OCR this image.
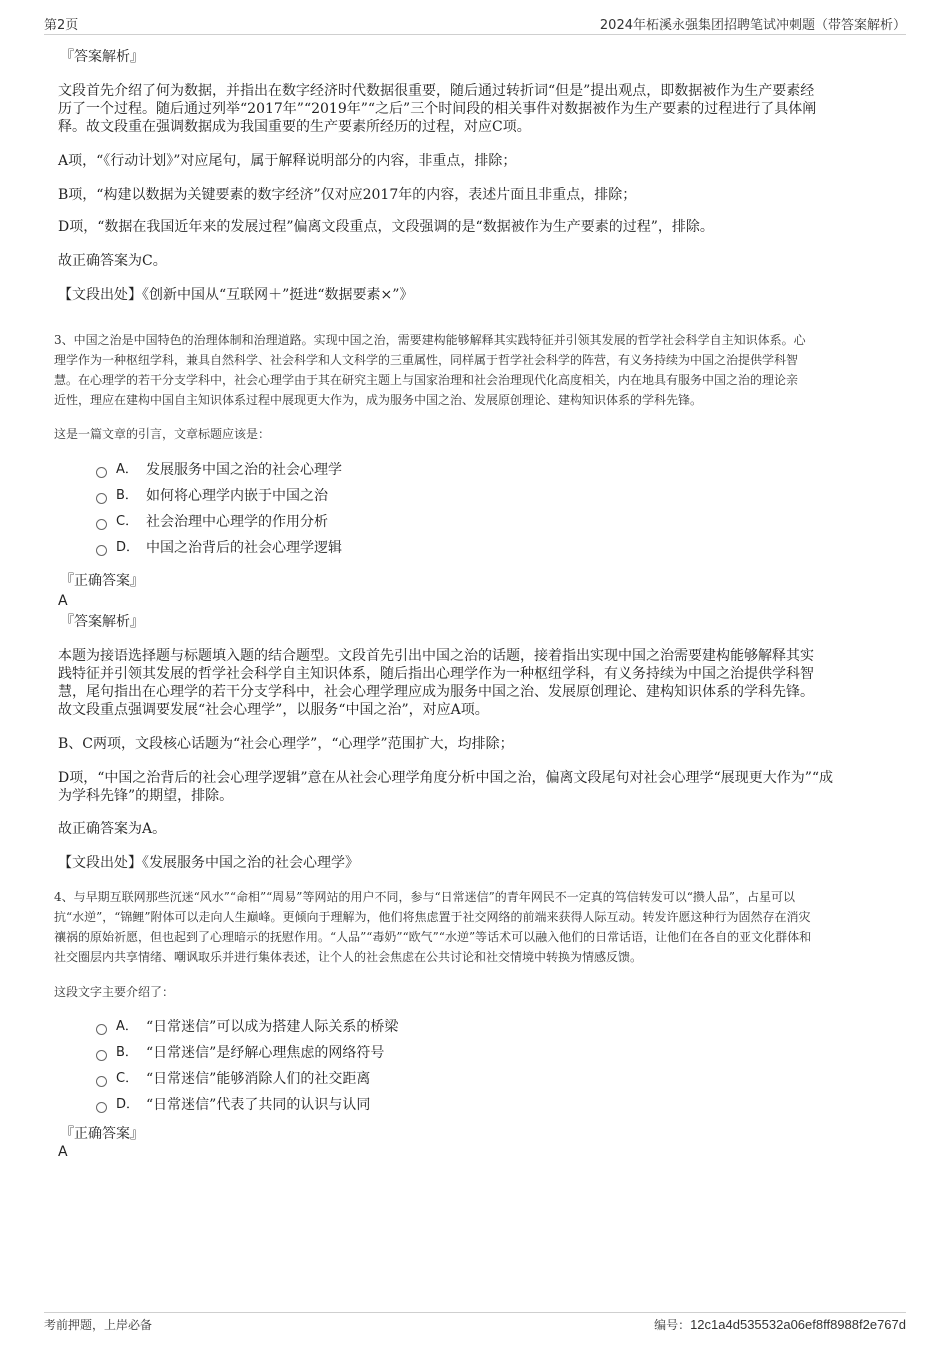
第2页	2024年柘溪永强集团招聘笔试冲刺题（带答案解析）
『答案解析』
文段首先介绍了何为数据，并指出在数字经济时代数据很重要，随后通过转折词“但是”提出观点，即数据被作为生产要素经
历了一个过程。随后通过列举“2017年”“2019年”“之后”三个时间段的相关事件对数据被作为生产要素的过程进行了具体阐
释。故文段重在强调数据成为我国重要的生产要素所经历的过程，对应C项。
A项，“《行动计划》”对应尾句，属于解释说明部分的内容，非重点，排除；
B项，“构建以数据为关键要素的数字经济”仅对应2017年的内容，表述片面且非重点，排除；
D项，“数据在我国近年来的发展过程”偏离文段重点，文段强调的是“数据被作为生产要素的过程”，排除。
故正确答案为C。
【文段出处】《创新中国从“互联网＋”挺进“数据要素×”》
3、中国之治是中国特色的治理体制和治理道路。实现中国之治，需要建构能够解释其实践特征并引领其发展的哲学社会科学自主知识体系。心
理学作为一种枢纽学科，兼具自然科学、社会科学和人文科学的三重属性，同样属于哲学社会科学的阵营，有义务持续为中国之治提供学科智
慧。在心理学的若干分支学科中，社会心理学由于其在研究主题上与国家治理和社会治理现代化高度相关，内在地具有服务中国之治的理论亲
近性，理应在建构中国自主知识体系过程中展现更大作为，成为服务中国之治、发展原创理论、建构知识体系的学科先锋。
这是一篇文章的引言，文章标题应该是：
A． 发展服务中国之治的社会心理学
B． 如何将心理学内嵌于中国之治
C． 社会治理中心理学的作用分析
D． 中国之治背后的社会心理学逻辑
『正确答案』
A
『答案解析』
本题为接语选择题与标题填入题的结合题型。文段首先引出中国之治的话题，接着指出实现中国之治需要建构能够解释其实
践特征并引领其发展的哲学社会科学自主知识体系，随后指出心理学作为一种枢纽学科，有义务持续为中国之治提供学科智
慧，尾句指出在心理学的若干分支学科中，社会心理学理应成为服务中国之治、发展原创理论、建构知识体系的学科先锋。
故文段重点强调要发展“社会心理学”，以服务“中国之治”，对应A项。
B、C两项，文段核心话题为“社会心理学”，“心理学”范围扩大，均排除；
D项，“中国之治背后的社会心理学逻辑”意在从社会心理学角度分析中国之治，偏离文段尾句对社会心理学“展现更大作为”“成
为学科先锋”的期望，排除。
故正确答案为A。
【文段出处】《发展服务中国之治的社会心理学》
4、与早期互联网那些沉迷“风水”“命相”“周易”等网站的用户不同，参与“日常迷信”的青年网民不一定真的笃信转发可以“攒人品”，占星可以
抗“水逆”，“锦鲤”附体可以走向人生巅峰。更倾向于理解为，他们将焦虑置于社交网络的前端来获得人际互动。转发许愿这种行为固然存在消灾
禳祸的原始祈愿，但也起到了心理暗示的抚慰作用。“人品”“毒奶”“欧气”“水逆”等话术可以融入他们的日常话语，让他们在各自的亚文化群体和
社交圈层内共享情绪、嘲讽取乐并进行集体表述，让个人的社会焦虑在公共讨论和社交情境中转换为情感反馈。
这段文字主要介绍了：
A． “日常迷信”可以成为搭建人际关系的桥梁
B． “日常迷信”是纾解心理焦虑的网络符号
C． “日常迷信”能够消除人们的社交距离
D． “日常迷信”代表了共同的认识与认同
『正确答案』
A
考前押题，上岸必备	编号：12c1a4d535532a06ef8ff8988f2e767d
